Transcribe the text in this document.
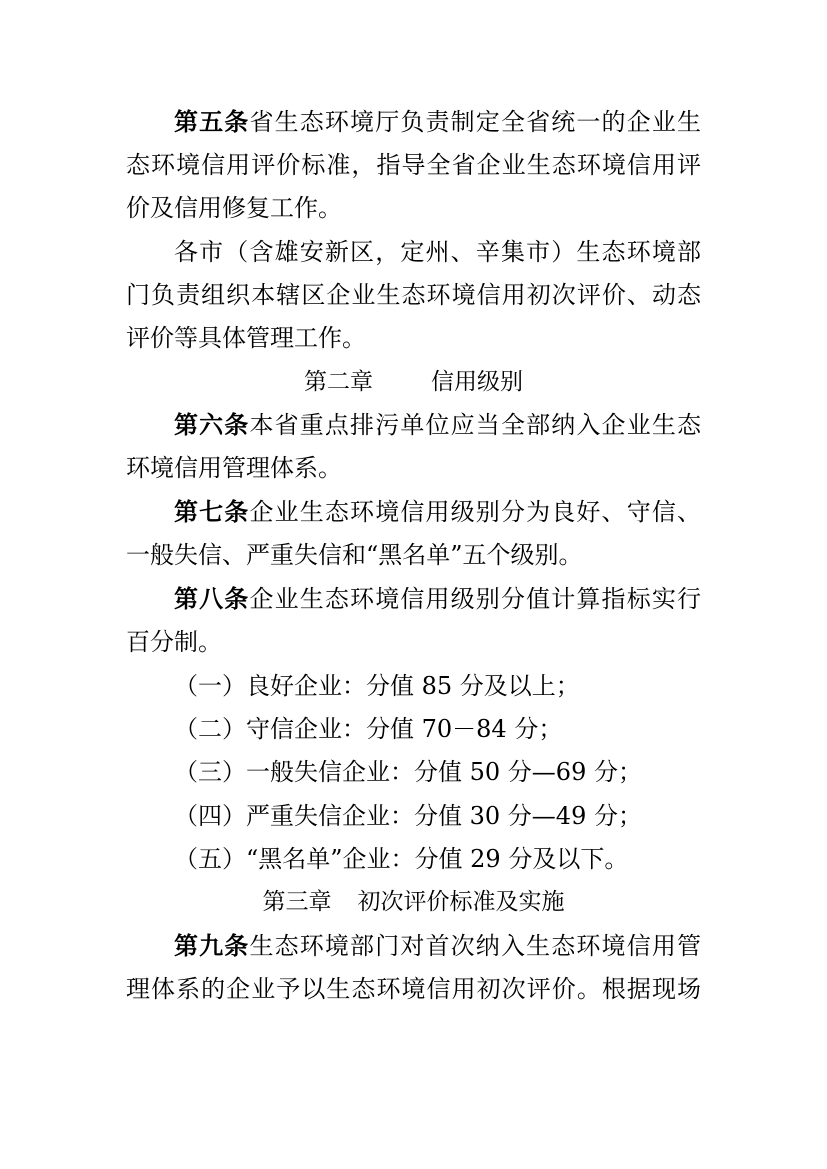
第五条省生态环境厅负责制定全省统一的企业生
态环境信用评价标准，指导全省企业生态环境信用评
价及信用修复工作。
各市（含雄安新区，定州、辛集市）生态环境部
门负责组织本辖区企业生态环境信用初次评价、动态
评价等具体管理工作。
第二章	信用级别
第六条本省重点排污单位应当全部纳入企业生态
环境信用管理体系。
第七条企业生态环境信用级别分为良好、守信、
一般失信、严重失信和“黑名单”五个级别。
第八条企业生态环境信用级别分值计算指标实行
百分制。
（一）良好企业：分值 85 分及以上；
（二）守信企业：分值 70－84 分；
（三）一般失信企业：分值 50 分—69 分；
（四）严重失信企业：分值 30 分—49 分；
（五）“黑名单”企业：分值 29 分及以下。
第三章 初次评价标准及实施
第九条生态环境部门对首次纳入生态环境信用管
理体系的企业予以生态环境信用初次评价。根据现场
